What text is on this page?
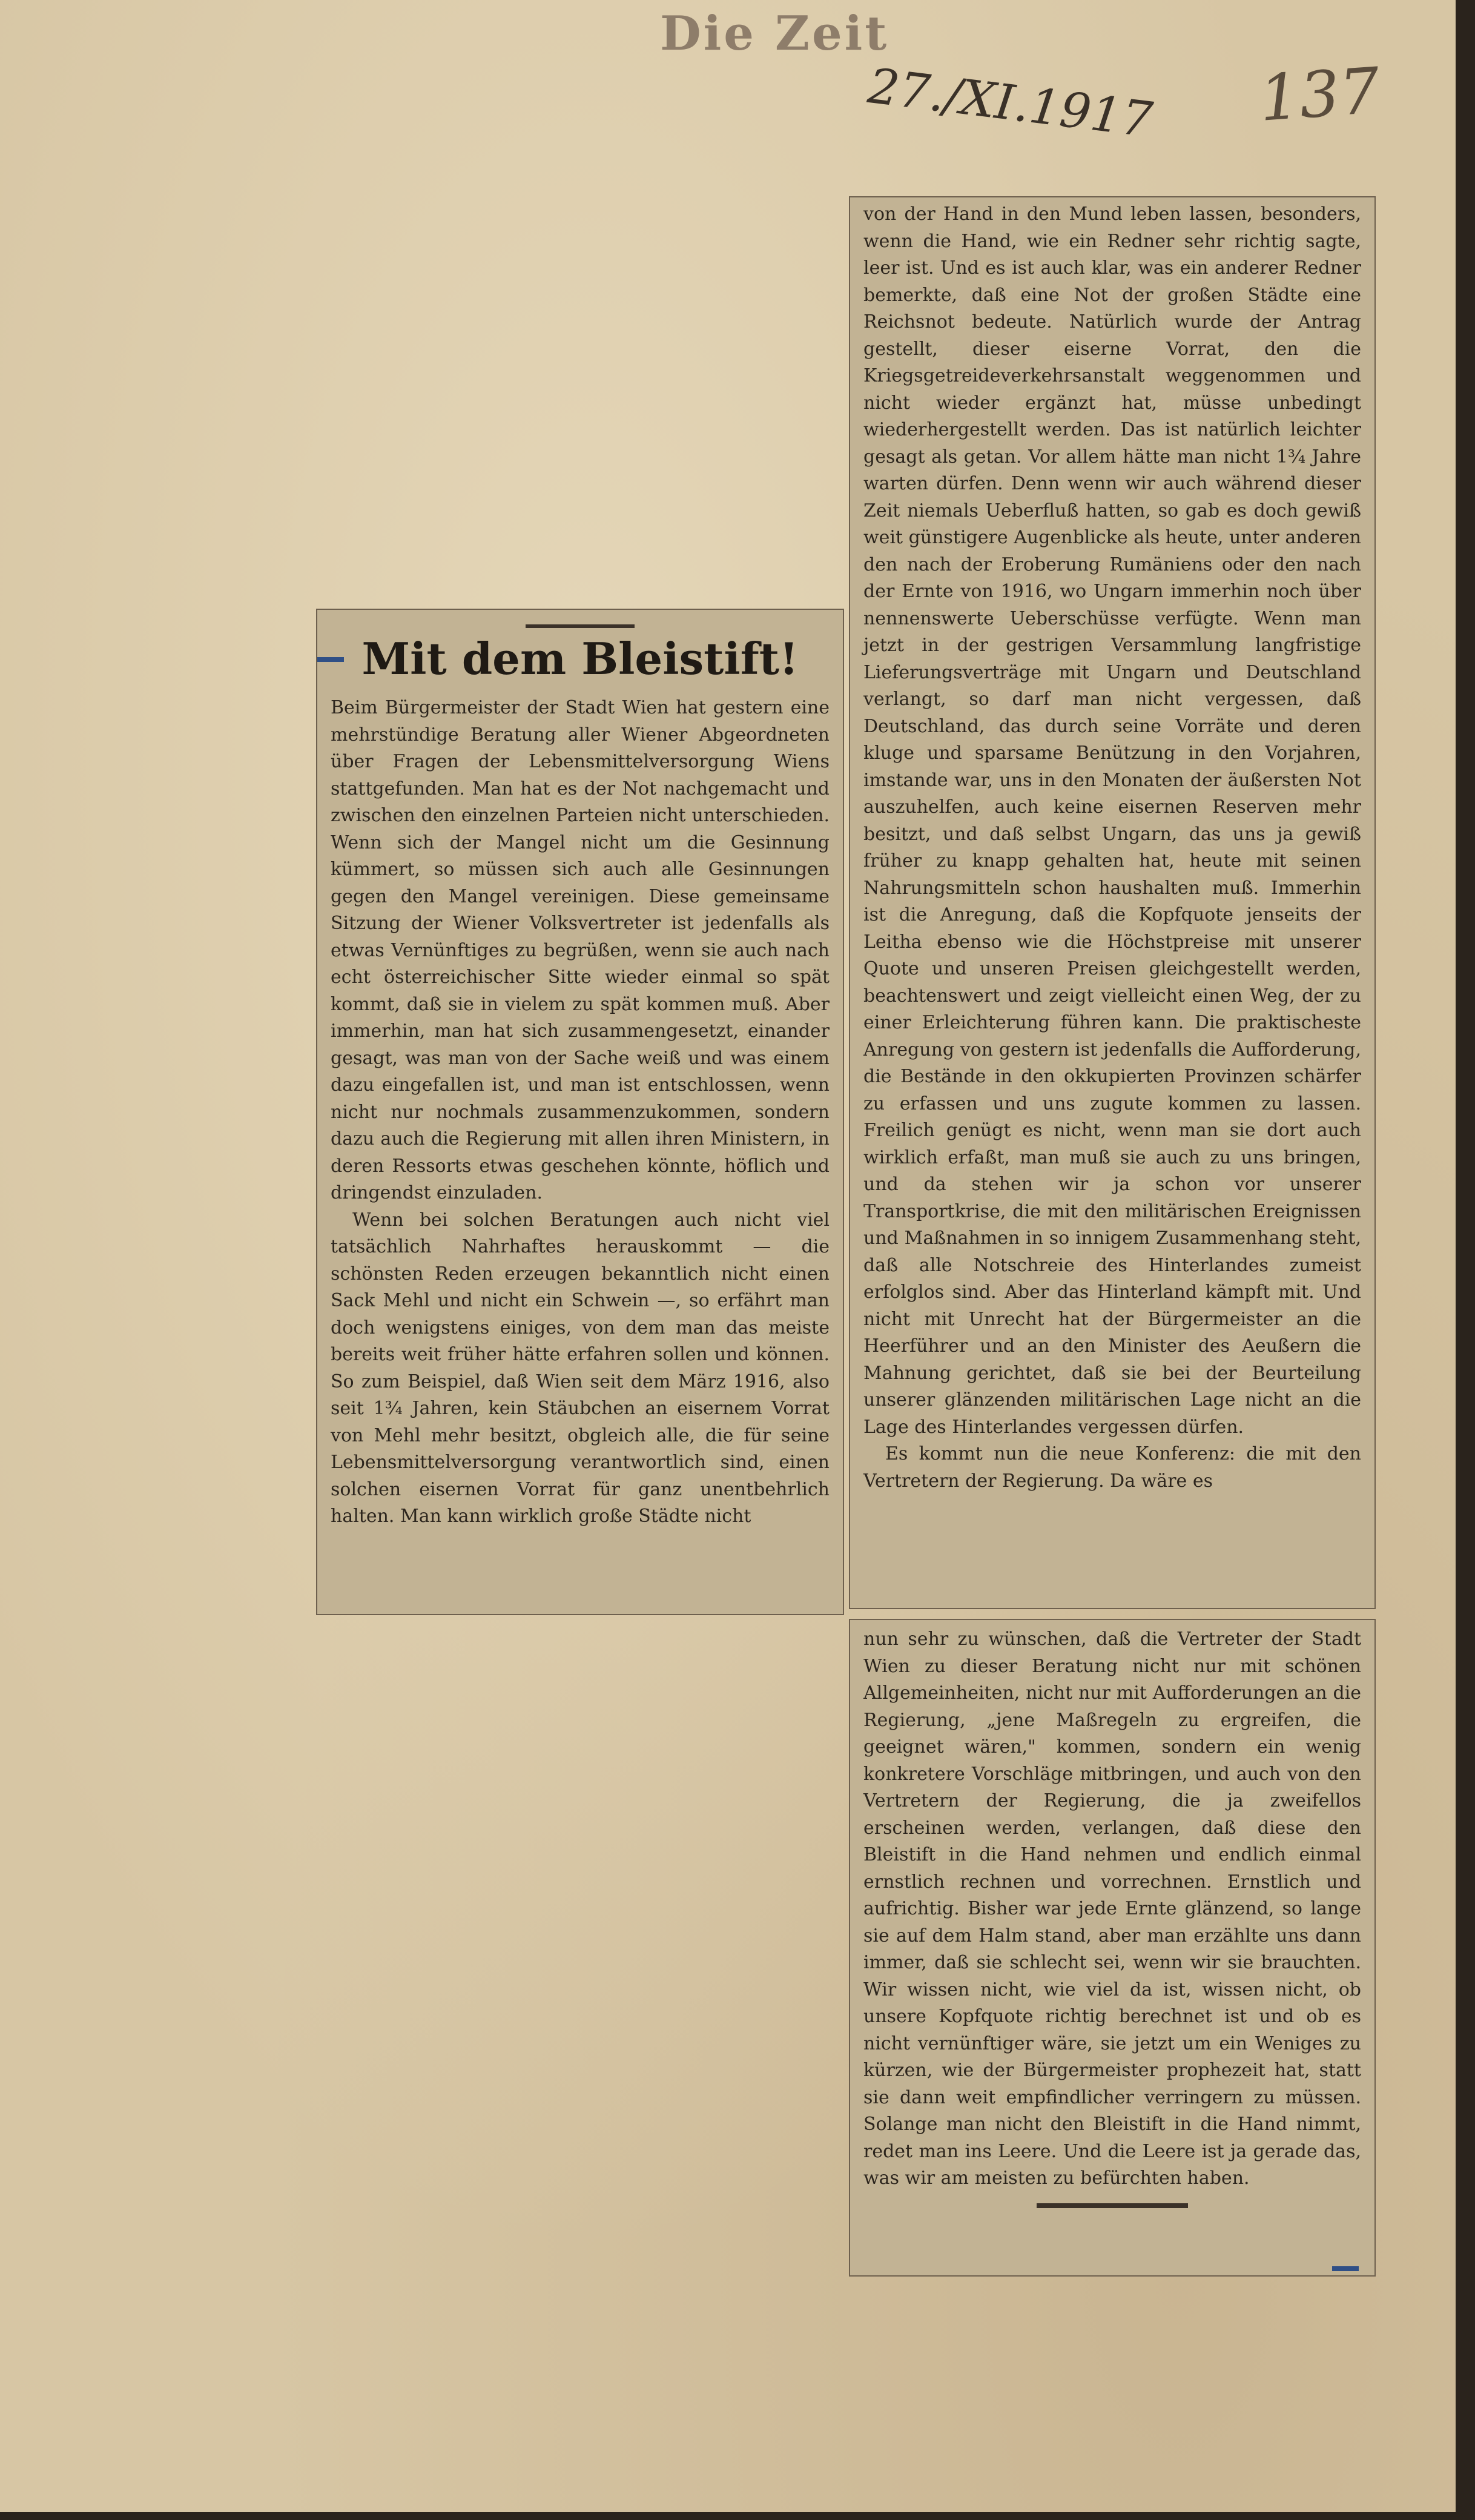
Die Zeit
27./XI.1917 137
Mit dem Bleistift!

Beim Bürgermeister der Stadt Wien hat gestern eine mehrstündige Beratung aller Wiener Abgeordneten über Fragen der Lebensmittelversorgung Wiens stattgefunden. Man hat es der Not nachgemacht und zwischen den einzelnen Parteien nicht unterschieden. Wenn sich der Mangel nicht um die Gesinnung kümmert, so müssen sich auch alle Gesinnungen gegen den Mangel vereinigen. Diese gemeinsame Sitzung der Wiener Volksvertreter ist jedenfalls als etwas Vernünftiges zu begrüßen, wenn sie auch nach echt österreichischer Sitte wieder einmal so spät kommt, daß sie in vielem zu spät kommen muß. Aber immerhin, man hat sich zusammengesetzt, einander gesagt, was man von der Sache weiß und was einem dazu eingefallen ist, und man ist entschlossen, wenn nicht nur nochmals zusammenzukommen, sondern dazu auch die Regierung mit allen ihren Ministern, in deren Ressorts etwas geschehen könnte, höflich und dringendst einzuladen.

Wenn bei solchen Beratungen auch nicht viel tatsächlich Nahrhaftes herauskommt — die schönsten Reden erzeugen bekanntlich nicht einen Sack Mehl und nicht ein Schwein —, so erfährt man doch wenigstens einiges, von dem man das meiste bereits weit früher hätte erfahren sollen und können. So zum Beispiel, daß Wien seit dem März 1916, also seit 1¾ Jahren, kein Stäubchen an eisernem Vorrat von Mehl mehr besitzt, obgleich alle, die für seine Lebensmittelversorgung verantwortlich sind, einen solchen eisernen Vorrat für ganz unentbehrlich halten. Man kann wirklich große Städte nicht

von der Hand in den Mund leben lassen, besonders, wenn die Hand, wie ein Redner sehr richtig sagte, leer ist. Und es ist auch klar, was ein anderer Redner bemerkte, daß eine Not der großen Städte eine Reichsnot bedeute. Natürlich wurde der Antrag gestellt, dieser eiserne Vorrat, den die Kriegsgetreideverkehrsanstalt weggenommen und nicht wieder ergänzt hat, müsse unbedingt wiederhergestellt werden. Das ist natürlich leichter gesagt als getan. Vor allem hätte man nicht 1¾ Jahre warten dürfen. Denn wenn wir auch während dieser Zeit niemals Ueberfluß hatten, so gab es doch gewiß weit günstigere Augenblicke als heute, unter anderen den nach der Eroberung Rumäniens oder den nach der Ernte von 1916, wo Ungarn immerhin noch über nennenswerte Ueberschüsse verfügte. Wenn man jetzt in der gestrigen Versammlung langfristige Lieferungsverträge mit Ungarn und Deutschland verlangt, so darf man nicht vergessen, daß Deutschland, das durch seine Vorräte und deren kluge und sparsame Benützung in den Vorjahren, imstande war, uns in den Monaten der äußersten Not auszuhelfen, auch keine eisernen Reserven mehr besitzt, und daß selbst Ungarn, das uns ja gewiß früher zu knapp gehalten hat, heute mit seinen Nahrungsmitteln schon haushalten muß. Immerhin ist die Anregung, daß die Kopfquote jenseits der Leitha ebenso wie die Höchstpreise mit unserer Quote und unseren Preisen gleichgestellt werden, beachtenswert und zeigt vielleicht einen Weg, der zu einer Erleichterung führen kann. Die praktischeste Anregung von gestern ist jedenfalls die Aufforderung, die Bestände in den okkupierten Provinzen schärfer zu erfassen und uns zugute kommen zu lassen. Freilich genügt es nicht, wenn man sie dort auch wirklich erfaßt, man muß sie auch zu uns bringen, und da stehen wir ja schon vor unserer Transportkrise, die mit den militärischen Ereignissen und Maßnahmen in so innigem Zusammenhang steht, daß alle Notschreie des Hinterlandes zumeist erfolglos sind. Aber das Hinterland kämpft mit. Und nicht mit Unrecht hat der Bürgermeister an die Heerführer und an den Minister des Aeußern die Mahnung gerichtet, daß sie bei der Beurteilung unserer glänzenden militärischen Lage nicht an die Lage des Hinterlandes vergessen dürfen.

Es kommt nun die neue Konferenz: die mit den Vertretern der Regierung. Da wäre es

nun sehr zu wünschen, daß die Vertreter der Stadt Wien zu dieser Beratung nicht nur mit schönen Allgemeinheiten, nicht nur mit Aufforderungen an die Regierung, „jene Maßregeln zu ergreifen, die geeignet wären," kommen, sondern ein wenig konkretere Vorschläge mitbringen, und auch von den Vertretern der Regierung, die ja zweifellos erscheinen werden, verlangen, daß diese den Bleistift in die Hand nehmen und endlich einmal ernstlich rechnen und vorrechnen. Ernstlich und aufrichtig. Bisher war jede Ernte glänzend, so lange sie auf dem Halm stand, aber man erzählte uns dann immer, daß sie schlecht sei, wenn wir sie brauchten. Wir wissen nicht, wie viel da ist, wissen nicht, ob unsere Kopfquote richtig berechnet ist und ob es nicht vernünftiger wäre, sie jetzt um ein Weniges zu kürzen, wie der Bürgermeister prophezeit hat, statt sie dann weit empfindlicher verringern zu müssen. Solange man nicht den Bleistift in die Hand nimmt, redet man ins Leere. Und die Leere ist ja gerade das, was wir am meisten zu befürchten haben.
